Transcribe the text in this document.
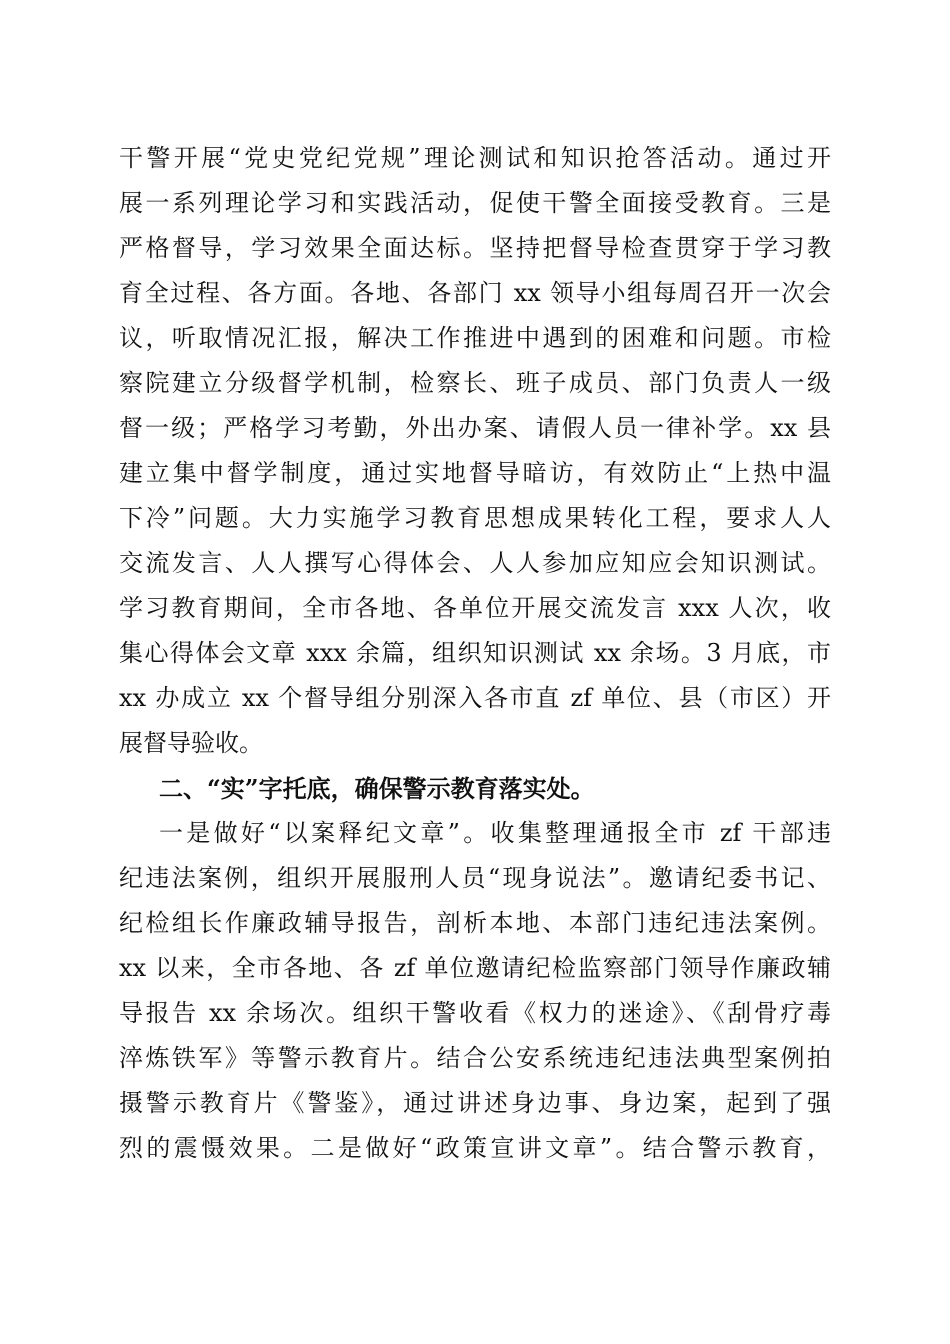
干警开展“党史党纪党规”理论测试和知识抢答活动。通过开
展一系列理论学习和实践活动，促使干警全面接受教育。三是
严格督导，学习效果全面达标。坚持把督导检查贯穿于学习教
育全过程、各方面。各地、各部门 xx 领导小组每周召开一次会
议，听取情况汇报，解决工作推进中遇到的困难和问题。市检
察院建立分级督学机制，检察长、班子成员、部门负责人一级
督一级；严格学习考勤，外出办案、请假人员一律补学。xx 县
建立集中督学制度，通过实地督导暗访，有效防止“上热中温
下冷”问题。大力实施学习教育思想成果转化工程，要求人人
交流发言、人人撰写心得体会、人人参加应知应会知识测试。
学习教育期间，全市各地、各单位开展交流发言 xxx 人次，收
集心得体会文章 xxx 余篇，组织知识测试 xx 余场。3 月底，市
xx 办成立 xx 个督导组分别深入各市直 zf 单位、县（市区）开
展督导验收。
二、“实”字托底，确保警示教育落实处。
一是做好“以案释纪文章”。收集整理通报全市 zf 干部违
纪违法案例，组织开展服刑人员“现身说法”。邀请纪委书记、
纪检组长作廉政辅导报告，剖析本地、本部门违纪违法案例。
xx 以来，全市各地、各 zf 单位邀请纪检监察部门领导作廉政辅
导报告 xx 余场次。组织干警收看《权力的迷途》、《刮骨疗毒
淬炼铁军》等警示教育片。结合公安系统违纪违法典型案例拍
摄警示教育片《警鉴》，通过讲述身边事、身边案，起到了强
烈的震慑效果。二是做好“政策宣讲文章”。结合警示教育，
